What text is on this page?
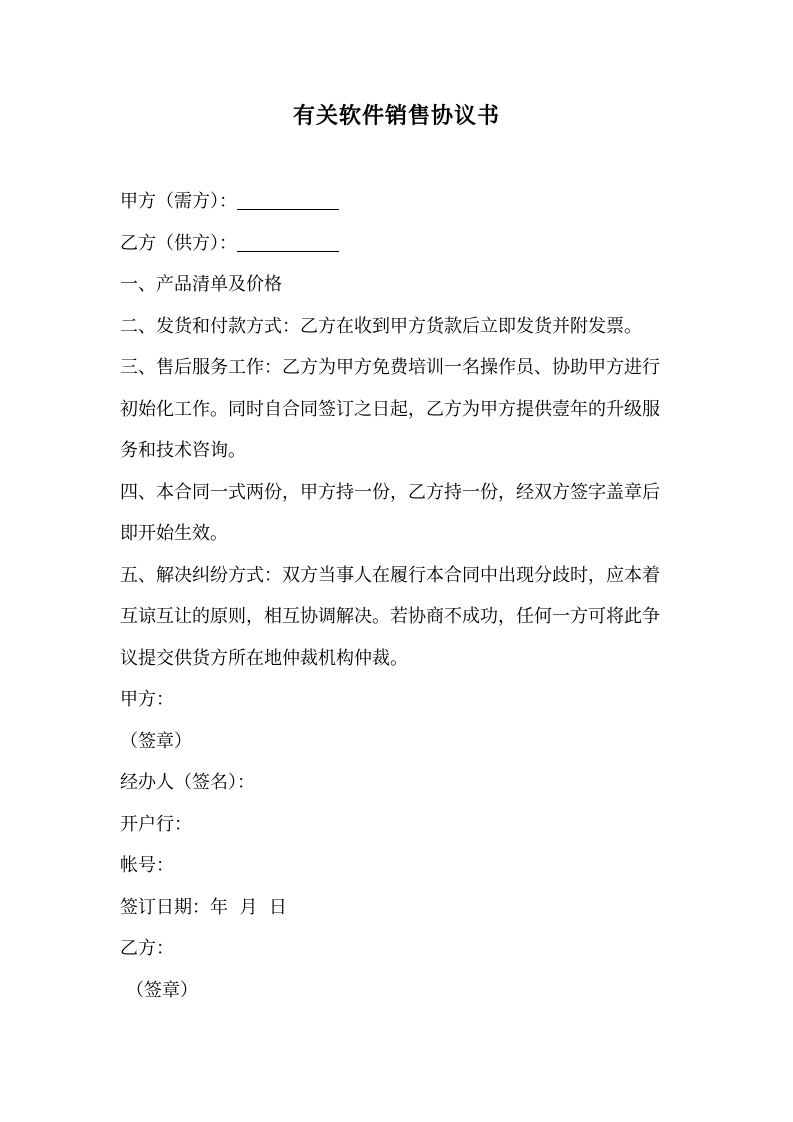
有关软件销售协议书
甲方（需方）：
乙方（供方）：
一、产品清单及价格
二、发货和付款方式：乙方在收到甲方货款后立即发货并附发票。
三、售后服务工作：乙方为甲方免费培训一名操作员、协助甲方进行
初始化工作。同时自合同签订之日起，乙方为甲方提供壹年的升级服
务和技术咨询。
四、本合同一式两份，甲方持一份，乙方持一份，经双方签字盖章后
即开始生效。
五、解决纠纷方式：双方当事人在履行本合同中出现分歧时，应本着
互谅互让的原则，相互协调解决。若协商不成功，任何一方可将此争
议提交供货方所在地仲裁机构仲裁。
甲方：
（签章）
经办人（签名）：
开户行：
帐号：
签订日期：年  月  日
乙方：
（签章）
